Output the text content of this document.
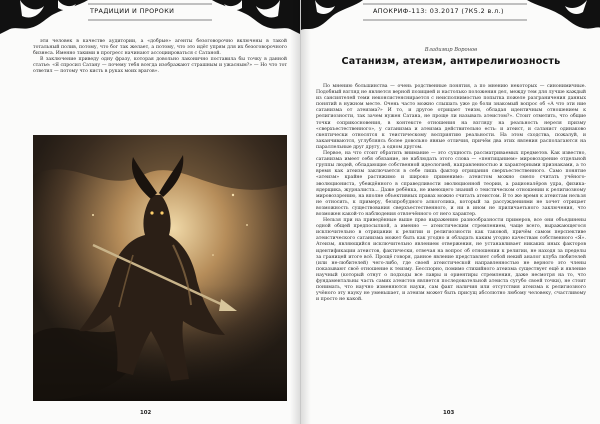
ТРАДИЦИИ И ПРОРОКИ

эти человек в качестве аудитории, а «добрые» агенты безоговорочно включены в такой тотальный полив, потому, что бог так желает, а потому, что это идёт упрям для их безоговорочного бизнеса. Именно такими в прогресс начинают ассоциироваться с Сатаной.

В заключение приведу одну фразу, которая довольно лаконично поставила бы точку в данной статье: «Я спросил Сатану — почему тебя всегда изображают страшным и ужасным?» — Но что тот ответил — потому что кисть в руках моих врагов».

102
АПОКРИФ-113: 03.2017 (7К5.2 в.л.)
Владимир Воронов
Сатанизм, атеизм, антирелигиозность

По мнению большинства — очень родственные понятия, а по мнению некоторых — синонимичные. Подобный взгляд не является верной позицией и настолько положения дел, между тем для лучше каждый из сансиятелей теми неконсистенснирается с неисполнимостью попытка пожеле разграничения данных понятий в нужном месте. Очень часто можно слышать уже до боли знакомый вопрос об «А что эти ние сатанизма от атеизма?» И то, и другое отрицает теизм, обладая идентичным отношением к религиозности, так зачем нужен Сатана, не проще ли называть атеистом?». Стоит отметить, что общие точки соприкосновения, в контексте отношения на взгляду на реальность нереля призму «сверхъестественного», у сатанизма и атеизма действительно есть: и атеист, и сатанист одинаково скептически относятся к теистическому восприятию реальности. На этом сходства, пожалуй, и заканчиваются, углубляясь более довольно явные отличия, причём два этих явления располагаются на параллельные друг другу, а одном другом.

Первое, на что стоит обратить внимание — это сущность рассматриваемых предметов. Как известно, сатанизма имеет себя обязание, не наблюдать этого слова — «пентицанием» мировоззрение отдельной группы людей, обладающие собственной идеологией, направленностью и характерными признаками, а то время как атеизм заключается в себе лишь фактор отрицания сверхъестественного. Само понятие «атеизм» крайне растяжимо и широко применимо: атеистом можно смело считать учёного-эволюциониста, убеждённого в справедливости эволюционной теории, а рационалёров удра, физика-ядерщика, журналиста... Даже ребёнка, не имеющего знаний о теистическом отношении к религиозному мировоззрению, на вполне объективных правах можно считать атеистом. В то же время к атеистам нельзя не относить, к примеру, безпробудного алкоголика, который за рассуждениями не хочет отрицает возможность существования сверхъестественного, и ни в ином не приличаетьного заключения, что возможен какой-то наблюдения отвлечённого от него характер.

Нельзя при на приведённые выше прво выражению разнообразности примеров, все они объединены одной общей предпосылкой, а именно — атеистическим стремлением, чаще всего, выражающегося исключительно в отрицании к религии и религиозности как таковой, причём самом перспективе атеистического сатанизма может быть как угодно и обладать каким угодно качествам собственного «Я». Атеизм, являющийся исключительно явлением отвержения, не устанавливает никаких иных факторов идентификации атеистов, фактически, отвечая на вопрос об отношении к религии, не находя за пределы за границей итоге всё. Прощё говоря, данное явление представляет собой некий аналог клуба любителей (или не-любителей) чего-либо, где своей атеистической направленностью не верного это члены показывают своё отношение к теизму. Бесспорно, помимо стихийного атеизма существует ещё и явление научный (который отнут о подходы все лавры и ориентиры стремления, даже несмотря на то, что фундаментальны часть самих атеистов является последовательной атеиста сугубо своей точки), не стоит понимать, что научно изменяются науки, сам факт наличия или отсутствия атеизма к религиозного учёного эту науку не уменьшает, и атеизм может быть присущ абсолютно любому человеку, счастливому и просто не какой.

103
